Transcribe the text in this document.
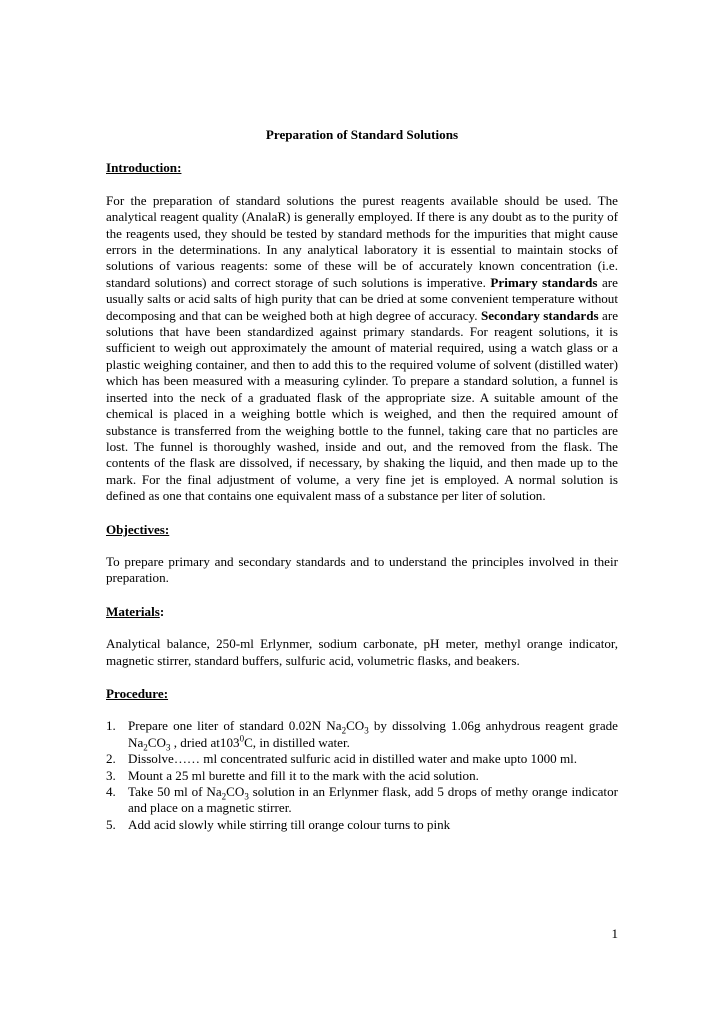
Preparation of Standard Solutions
Introduction:
For the preparation of standard solutions the purest reagents available should be used. The analytical reagent quality (AnalaR) is generally employed. If there is any doubt as to the purity of the reagents used, they should be tested by standard methods for the impurities that might cause errors in the determinations. In any analytical laboratory it is essential to maintain stocks of solutions of various reagents: some of these will be of accurately known concentration (i.e. standard solutions) and correct storage of such solutions is imperative. Primary standards are usually salts or acid salts of high purity that can be dried at some convenient temperature without decomposing and that can be weighed both at high degree of accuracy. Secondary standards are solutions that have been standardized against primary standards. For reagent solutions, it is sufficient to weigh out approximately the amount of material required, using a watch glass or a plastic weighing container, and then to add this to the required volume of solvent (distilled water) which has been measured with a measuring cylinder. To prepare a standard solution, a funnel is inserted into the neck of a graduated flask of the appropriate size. A suitable amount of the chemical is placed in a weighing bottle which is weighed, and then the required amount of substance is transferred from the weighing bottle to the funnel, taking care that no particles are lost. The funnel is thoroughly washed, inside and out, and the removed from the flask. The contents of the flask are dissolved, if necessary, by shaking the liquid, and then made up to the mark. For the final adjustment of volume, a very fine jet is employed. A normal solution is defined as one that contains one equivalent mass of a substance per liter of solution.
Objectives:
To prepare primary and secondary standards and to understand the principles involved in their preparation.
Materials:
Analytical balance, 250-ml Erlynmer, sodium carbonate, pH meter, methyl orange indicator, magnetic stirrer, standard buffers, sulfuric acid, volumetric flasks, and beakers.
Procedure:
1. Prepare one liter of standard 0.02N $Na_2CO_3$ by dissolving 1.06g anhydrous reagent grade $Na_2CO_3$ , dried $at103^0C$, in distilled water.
2. Dissolve…… ml concentrated sulfuric acid in distilled water and make upto 1000 ml.
3. Mount a 25 ml burette and fill it to the mark with the acid solution.
4. Take 50 ml of $Na_2CO_3$ solution in an Erlynmer flask, add 5 drops of methy orange indicator and place on a magnetic stirrer.
5. Add acid slowly while stirring till orange colour turns to pink
1
